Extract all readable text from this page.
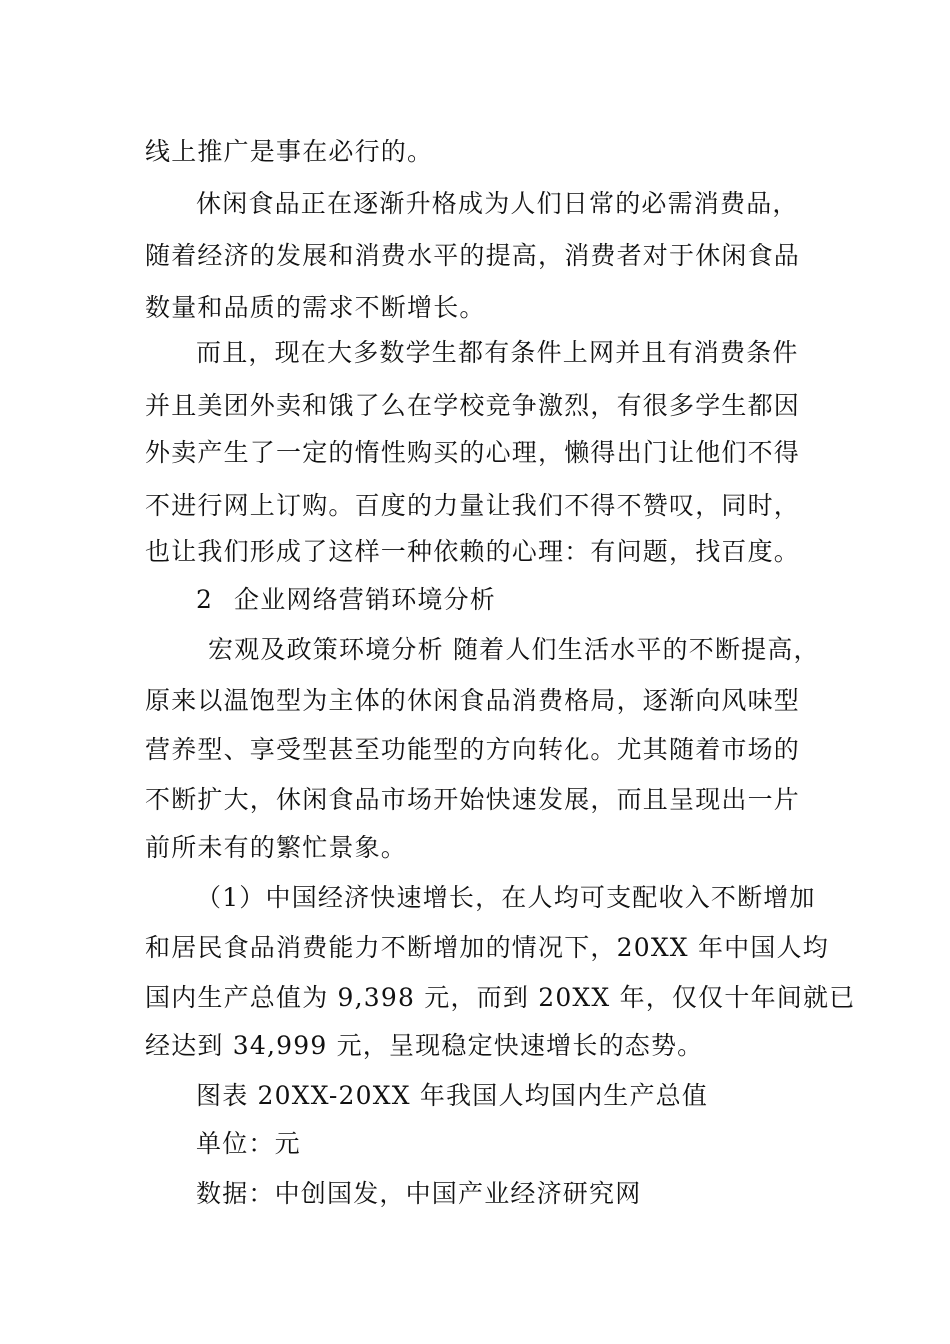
线上推广是事在必行的。
休闲食品正在逐渐升格成为人们日常的必需消费品，
随着经济的发展和消费水平的提高，消费者对于休闲食品
数量和品质的需求不断增长。
而且，现在大多数学生都有条件上网并且有消费条件
并且美团外卖和饿了么在学校竞争激烈，有很多学生都因
外卖产生了一定的惰性购买的心理，懒得出门让他们不得
不进行网上订购。百度的力量让我们不得不赞叹，同时，
也让我们形成了这样一种依赖的心理：有问题，找百度。
2 企业网络营销环境分析
宏观及政策环境分析 随着人们生活水平的不断提高，
原来以温饱型为主体的休闲食品消费格局，逐渐向风味型
营养型、享受型甚至功能型的方向转化。尤其随着市场的
不断扩大，休闲食品市场开始快速发展，而且呈现出一片
前所未有的繁忙景象。
（1）中国经济快速增长，在人均可支配收入不断增加
和居民食品消费能力不断增加的情况下，20XX 年中国人均
国内生产总值为 9,398 元，而到 20XX 年，仅仅十年间就已
经达到 34,999 元，呈现稳定快速增长的态势。
图表 20XX-20XX 年我国人均国内生产总值
单位：元
数据：中创国发，中国产业经济研究网
